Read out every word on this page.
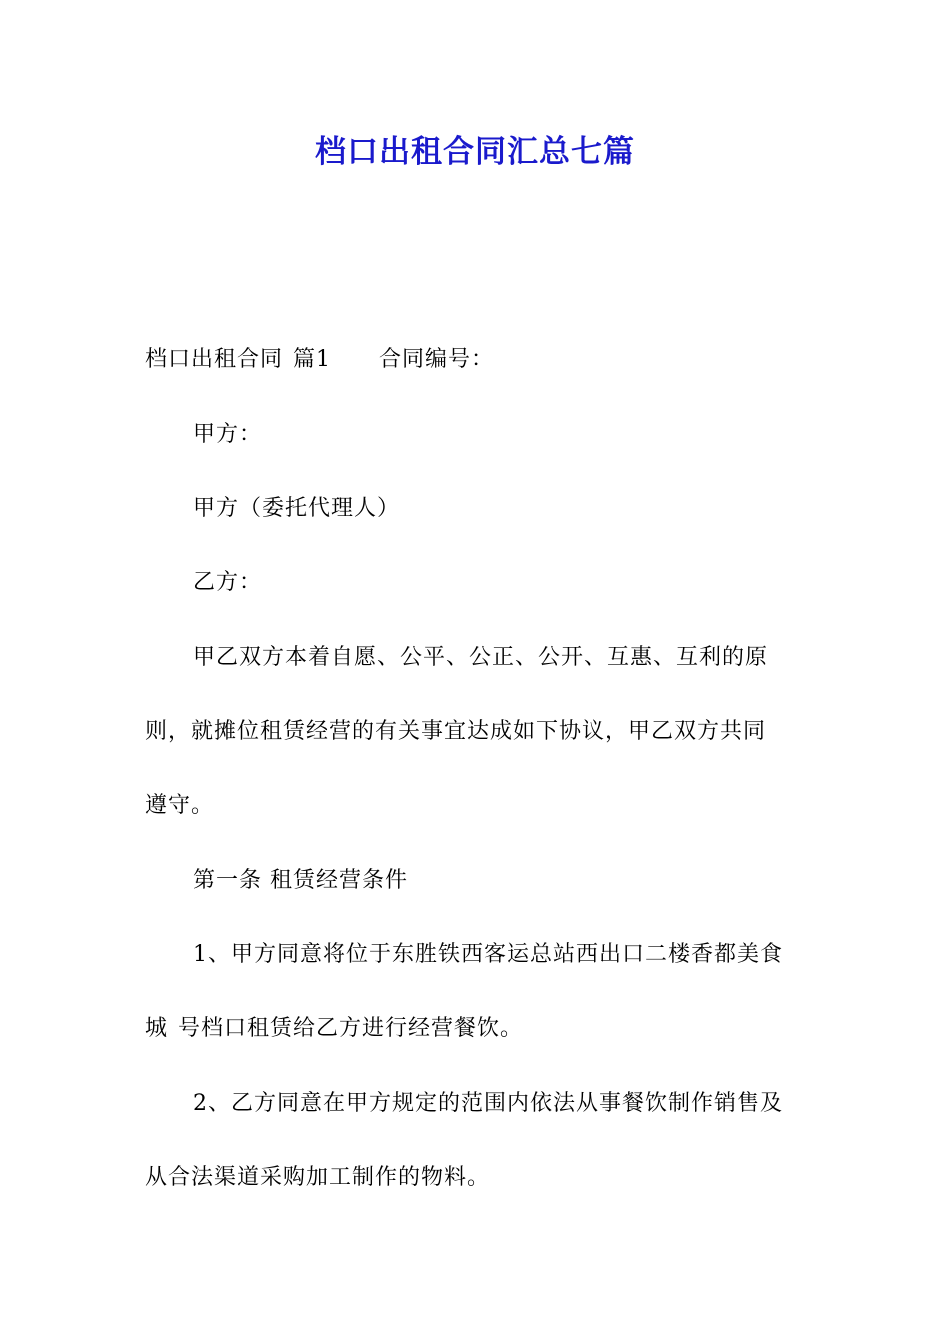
档口出租合同汇总七篇
档口出租合同 篇1 合同编号：
甲方：
甲方（委托代理人）
乙方：
甲乙双方本着自愿、公平、公正、公开、互惠、互利的原
则，就摊位租赁经营的有关事宜达成如下协议，甲乙双方共同
遵守。
第一条 租赁经营条件
1、甲方同意将位于东胜铁西客运总站西出口二楼香都美食
城 号档口租赁给乙方进行经营餐饮。
2、乙方同意在甲方规定的范围内依法从事餐饮制作销售及
从合法渠道采购加工制作的物料。
